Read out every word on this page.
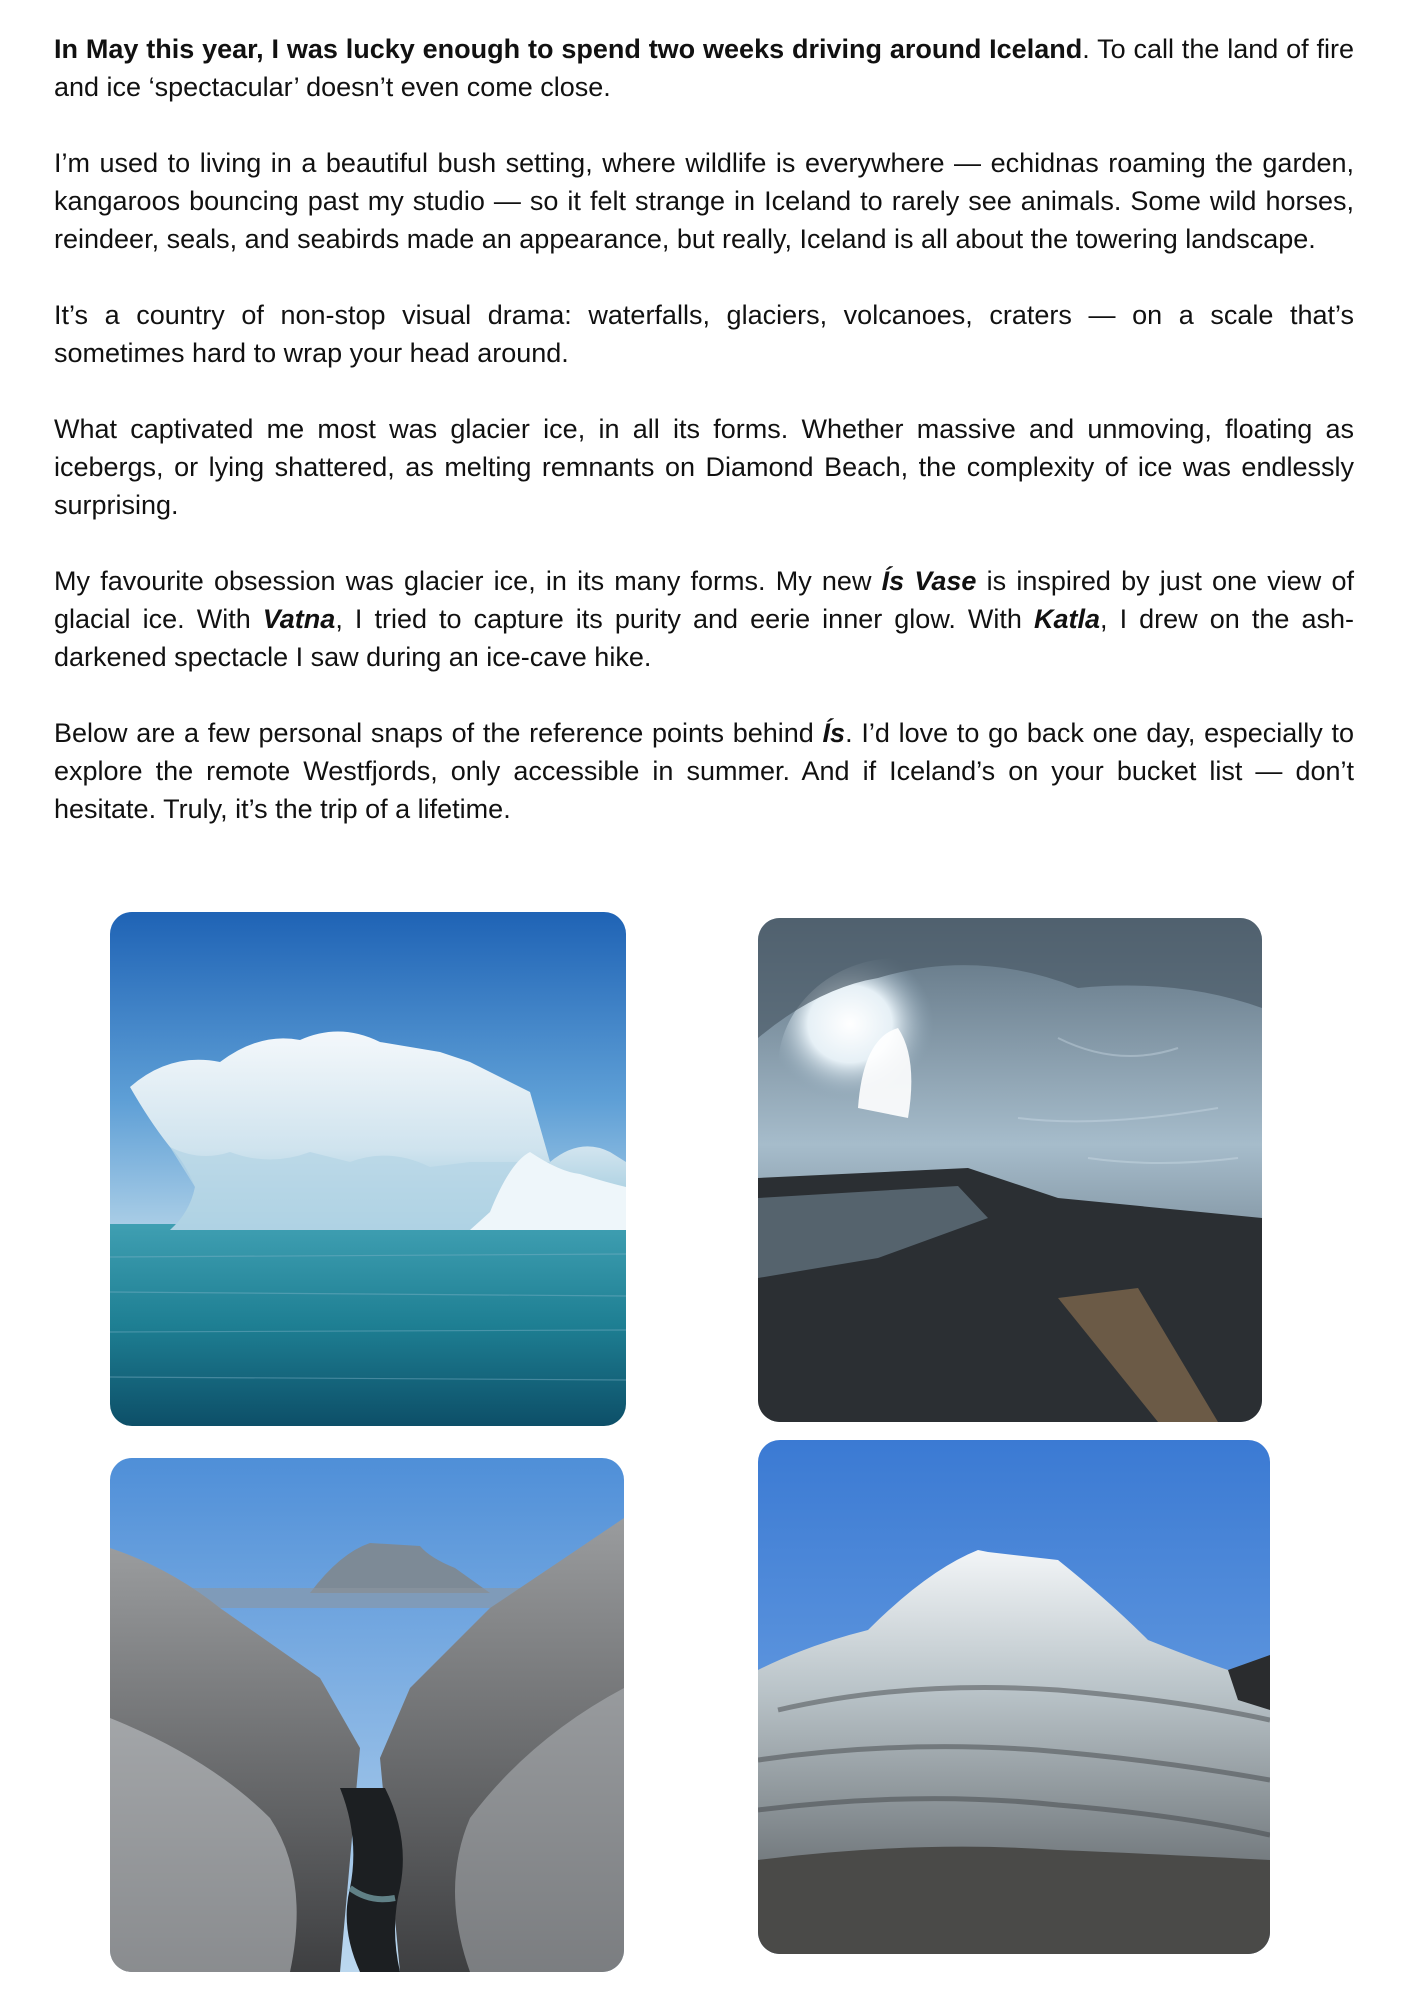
In May this year, I was lucky enough to spend two weeks driving around Iceland. To call the land of fire and ice ‘spectacular’ doesn’t even come close.

I’m used to living in a beautiful bush setting, where wildlife is everywhere — echidnas roaming the garden, kangaroos bouncing past my studio — so it felt strange in Iceland to rarely see animals. Some wild horses, reindeer, seals, and seabirds made an appearance, but really, Iceland is all about the towering landscape.

It’s a country of non-stop visual drama: waterfalls, glaciers, volcanoes, craters — on a scale that’s sometimes hard to wrap your head around.

What captivated me most was glacier ice, in all its forms. Whether massive and unmoving, floating as icebergs, or lying shattered, as melting remnants on Diamond Beach, the complexity of ice was endlessly surprising.

My favourite obsession was glacier ice, in its many forms. My new Ís Vase is inspired by just one view of glacial ice. With Vatna, I tried to capture its purity and eerie inner glow. With Katla, I drew on the ash-darkened spectacle I saw during an ice-cave hike.

Below are a few personal snaps of the reference points behind Ís. I’d love to go back one day, especially to explore the remote Westfjords, only accessible in summer. And if Iceland’s on your bucket list — don’t hesitate. Truly, it’s the trip of a lifetime.
